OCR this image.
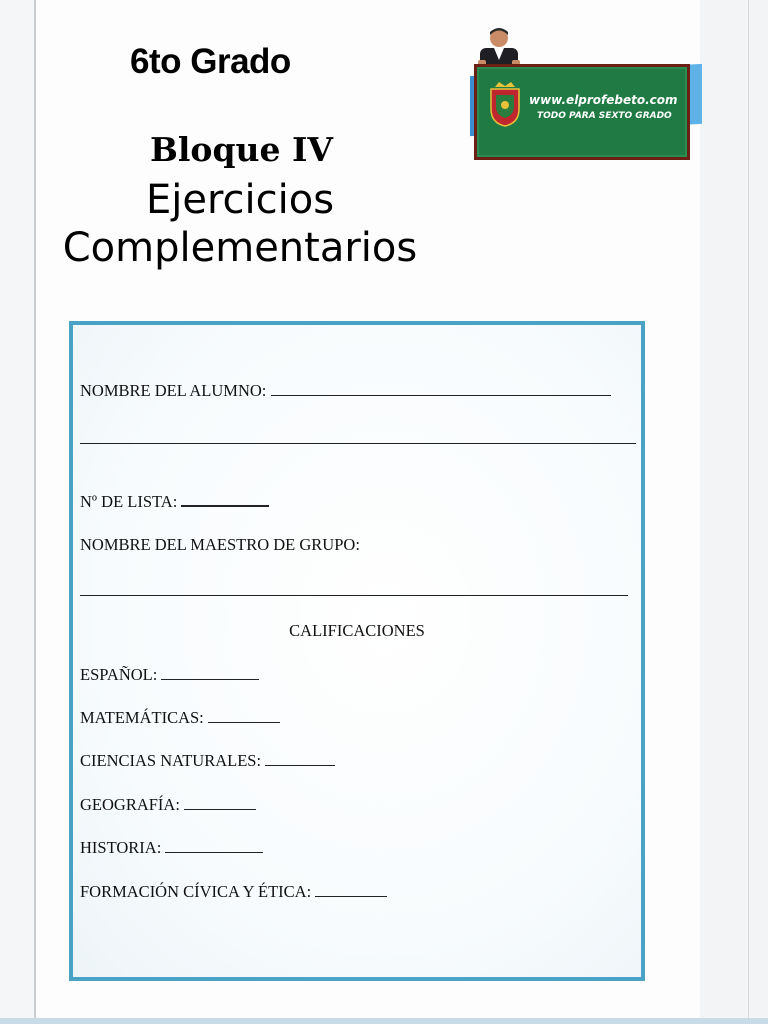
6to Grado
Bloque IV

Ejercicios Complementarios

www.elprofebeto.com
TODO PARA SEXTO GRADO

NOMBRE DEL ALUMNO:

Nº DE LISTA:

NOMBRE DEL MAESTRO DE GRUPO:

CALIFICACIONES

ESPAÑOL:

MATEMÁTICAS:

CIENCIAS NATURALES:

GEOGRAFÍA:

HISTORIA:

FORMACIÓN CÍVICA Y ÉTICA:
